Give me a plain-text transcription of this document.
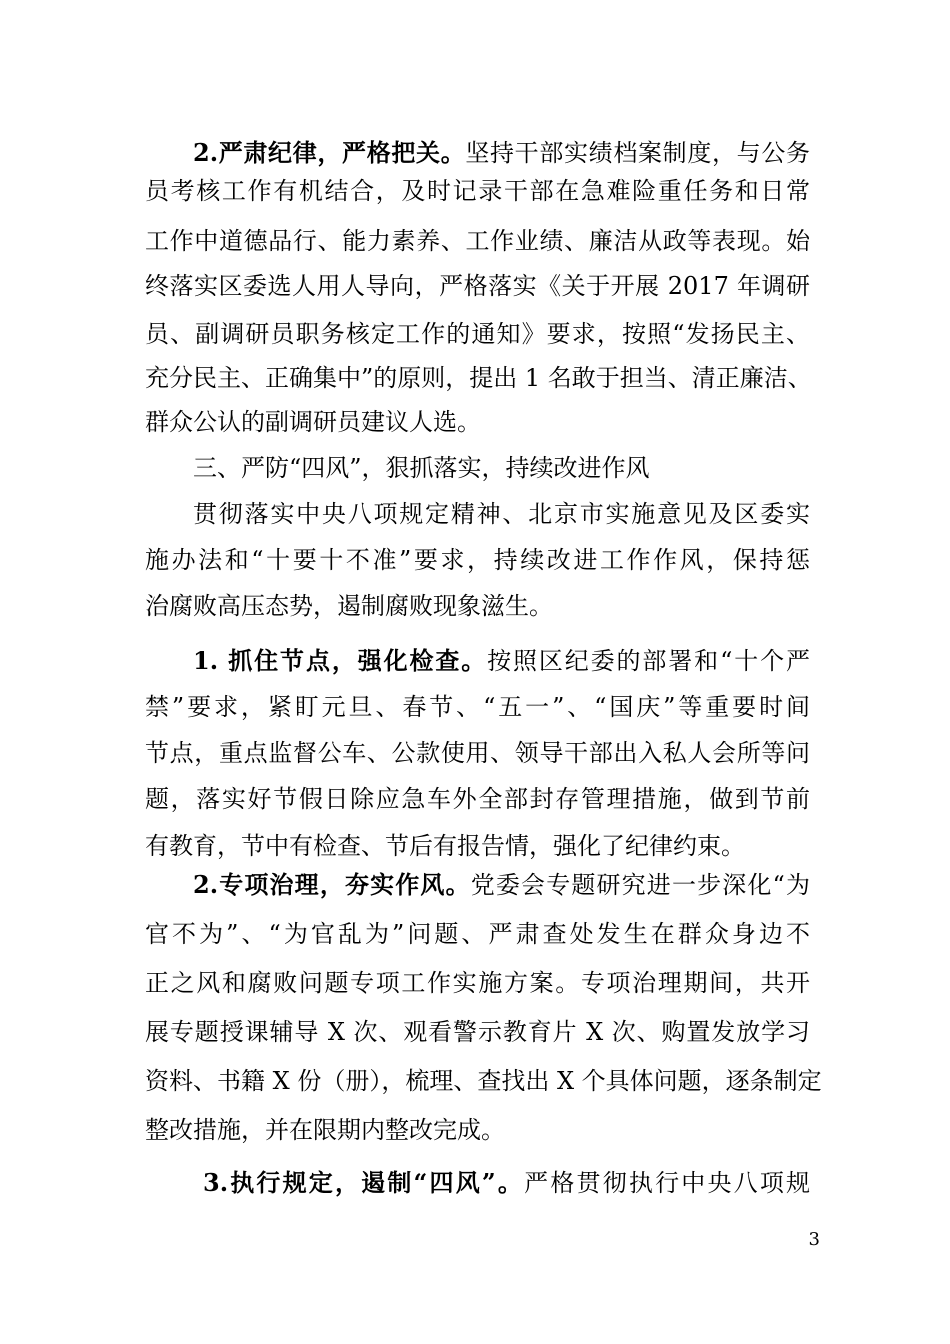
2.严肃纪律，严格把关。坚持干部实绩档案制度，与公务
员考核工作有机结合，及时记录干部在急难险重任务和日常
工作中道德品行、能力素养、工作业绩、廉洁从政等表现。始
终落实区委选人用人导向，严格落实《关于开展 2017 年调研
员、副调研员职务核定工作的通知》要求，按照“发扬民主、
充分民主、正确集中”的原则，提出 1 名敢于担当、清正廉洁、
群众公认的副调研员建议人选。
三、严防“四风”，狠抓落实，持续改进作风
贯彻落实中央八项规定精神、北京市实施意见及区委实
施办法和“十要十不准”要求，持续改进工作作风，保持惩
治腐败高压态势，遏制腐败现象滋生。
1. 抓住节点，强化检查。按照区纪委的部署和“十个严
禁”要求，紧盯元旦、春节、“五一”、“国庆”等重要时间
节点，重点监督公车、公款使用、领导干部出入私人会所等问
题，落实好节假日除应急车外全部封存管理措施，做到节前
有教育，节中有检查、节后有报告情，强化了纪律约束。
2.专项治理，夯实作风。党委会专题研究进一步深化“为
官不为”、“为官乱为”问题、严肃查处发生在群众身边不
正之风和腐败问题专项工作实施方案。专项治理期间，共开
展专题授课辅导 X 次、观看警示教育片 X 次、购置发放学习
资料、书籍 X 份（册），梳理、查找出 X 个具体问题，逐条制定
整改措施，并在限期内整改完成。
3.执行规定，遏制“四风”。严格贯彻执行中央八项规
3
